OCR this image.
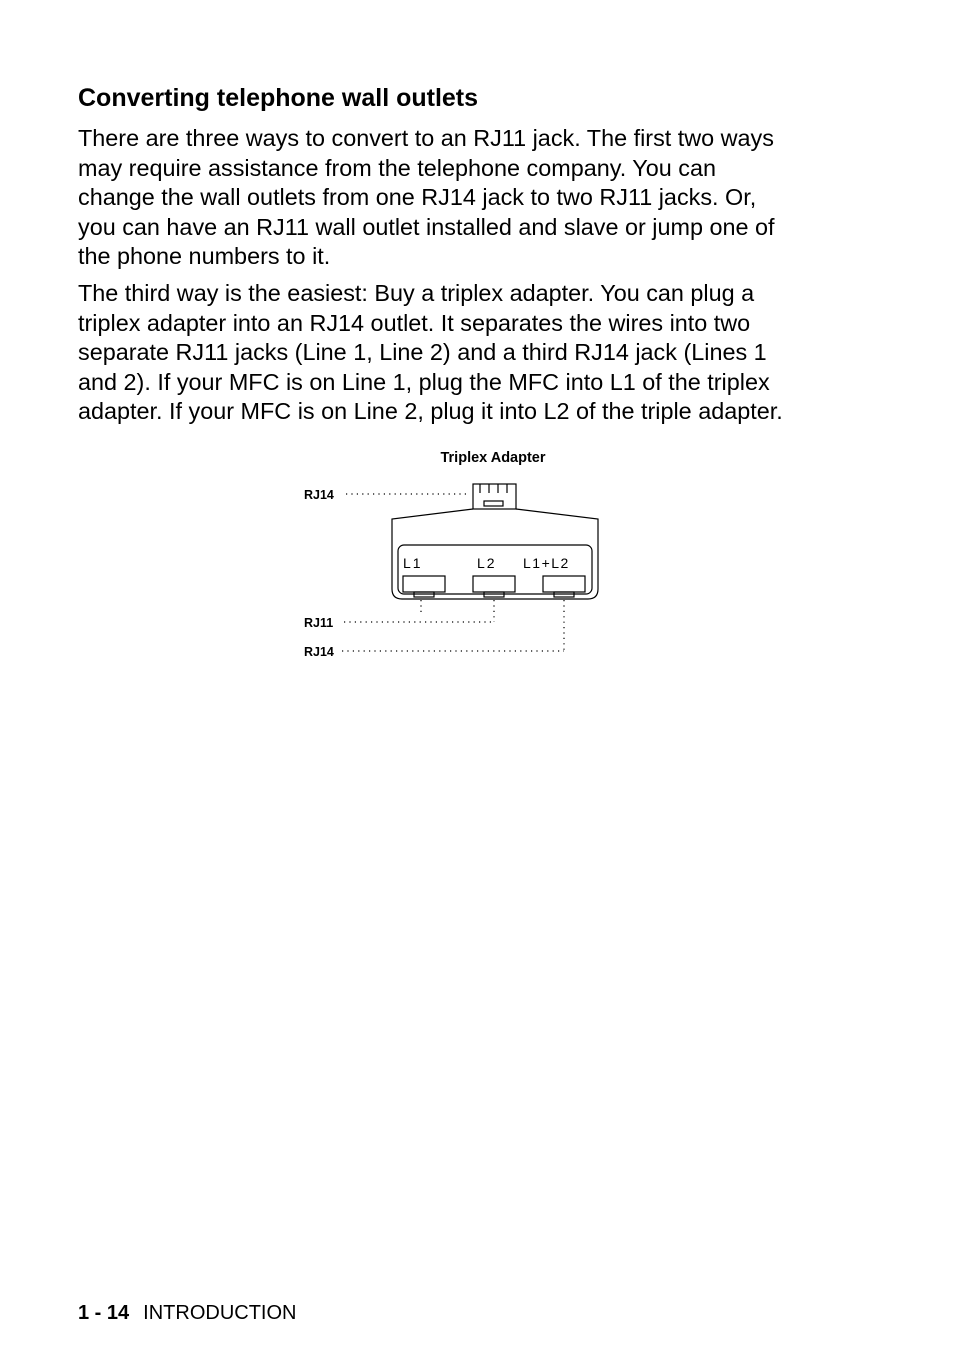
Converting telephone wall outlets

There are three ways to convert to an RJ11 jack. The first two ways
may require assistance from the telephone company. You can
change the wall outlets from one RJ14 jack to two RJ11 jacks. Or,
you can have an RJ11 wall outlet installed and slave or jump one of
the phone numbers to it.

The third way is the easiest: Buy a triplex adapter. You can plug a
triplex adapter into an RJ14 outlet. It separates the wires into two
separate RJ11 jacks (Line 1, Line 2) and a third RJ14 jack (Lines 1
and 2). If your MFC is on Line 1, plug the MFC into L1 of the triplex
adapter. If your MFC is on Line 2, plug it into L2 of the triple adapter.

Triplex Adapter
RJ14
RJ11
RJ14
L1	L2 L1+L2
1 - 14 INTRODUCTION
